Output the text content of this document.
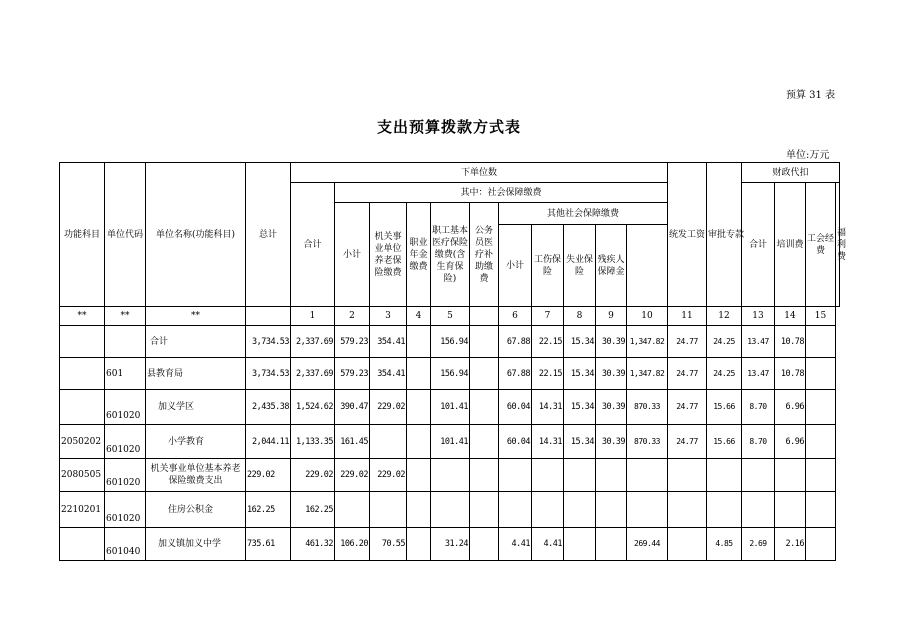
预算 31 表
支出预算拨款方式表
单位:万元
功能科目	单位代码	单位名称(功能科目)	总计	下单位数											统发工资	审批专款	财政代扣			
				合计	其中：社会保障缴费												合计	培训费	工会经费	福利费
					小计	机关事业单位养老保险缴费	职业年金缴费	职工基本医疗保险缴费(含生育保险)	公务员医疗补助缴费	其他社会保障缴费										
										小计	工伤保险	失业保险	残疾人保障金							
**	**	**		1	2	3	4	5		6	7	8	9	10	11	12	13	14	15	
		合计	3,734.53	2,337.69	579.23	354.41		156.94		67.88	22.15	15.34	30.39	1,347.82	24.77	24.25	13.47	10.78		
	601	县教育局	3,734.53	2,337.69	579.23	354.41		156.94		67.88	22.15	15.34	30.39	1,347.82	24.77	24.25	13.47	10.78		
	601020	加义学区	2,435.38	1,524.62	390.47	229.02		101.41		60.04	14.31	15.34	30.39	870.33	24.77	15.66	8.70	6.96		
2050202	601020	小学教育	2,044.11	1,133.35	161.45			101.41		60.04	14.31	15.34	30.39	870.33	24.77	15.66	8.70	6.96		
2080505	601020	机关事业单位基本养老保险缴费支出	229.02	229.02	229.02	229.02														
2210201	601020	住房公积金	162.25	162.25																
	601040	加义镇加义中学	735.61	461.32	106.20	70.55		31.24		4.41	4.41			269.44		4.85	2.69	2.16		
